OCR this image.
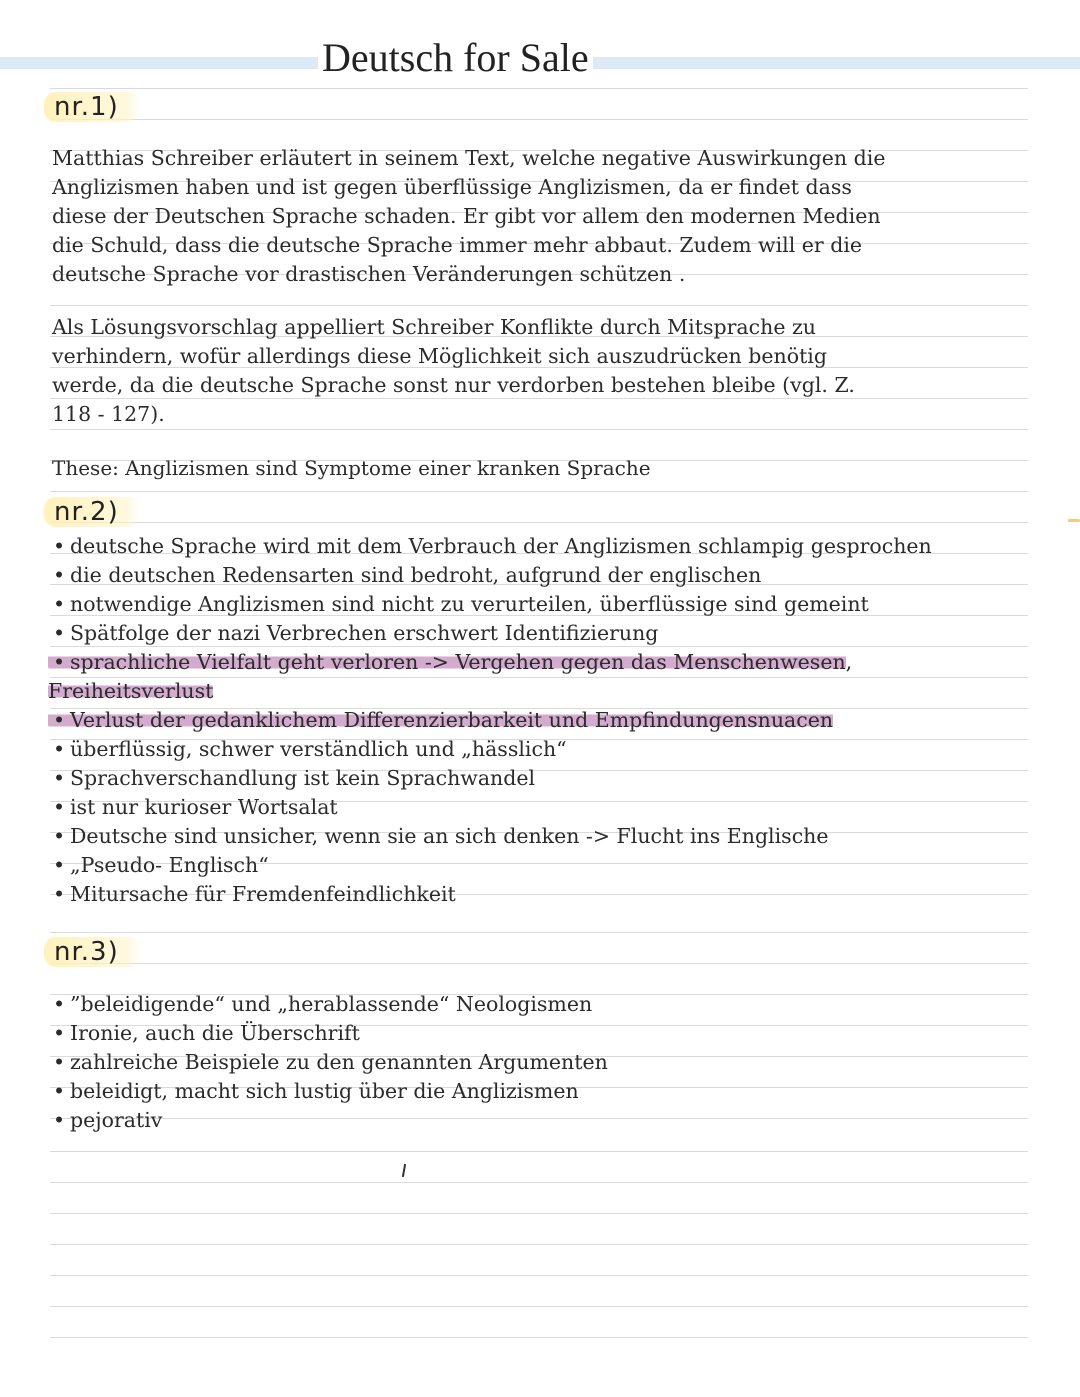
Deutsch for Sale
nr.1)

Matthias Schreiber erläutert in seinem Text, welche negative Auswirkungen die
Anglizismen haben und ist gegen überflüssige Anglizismen, da er findet dass
diese der Deutschen Sprache schaden. Er gibt vor allem den modernen Medien
die Schuld, dass die deutsche Sprache immer mehr abbaut. Zudem will er die
deutsche Sprache vor drastischen Veränderungen schützen .

Als Lösungsvorschlag appelliert Schreiber Konflikte durch Mitsprache zu
verhindern, wofür allerdings diese Möglichkeit sich auszudrücken benötig
werde, da die deutsche Sprache sonst nur verdorben bestehen bleibe (vgl. Z.
118 - 127).

These: Anglizismen sind Symptome einer kranken Sprache

nr.2)
• deutsche Sprache wird mit dem Verbrauch der Anglizismen schlampig gesprochen
• die deutschen Redensarten sind bedroht, aufgrund der englischen
• notwendige Anglizismen sind nicht zu verurteilen, überflüssige sind gemeint
• Spätfolge der nazi Verbrechen erschwert Identifizierung
• sprachliche Vielfalt geht verloren -> Vergehen gegen das Menschenwesen,
Freiheitsverlust
• Verlust der gedanklichem Differenzierbarkeit und Empfindungensnuacen
• überflüssig, schwer verständlich und „hässlich“
• Sprachverschandlung ist kein Sprachwandel
• ist nur kurioser Wortsalat
• Deutsche sind unsicher, wenn sie an sich denken -> Flucht ins Englische
• „Pseudo- Englisch“
• Mitursache für Fremdenfeindlichkeit
nr.3)
• ”beleidigende“ und „herablassende“ Neologismen
• Ironie, auch die Überschrift
• zahlreiche Beispiele zu den genannten Argumenten
• beleidigt, macht sich lustig über die Anglizismen
• pejorativ
